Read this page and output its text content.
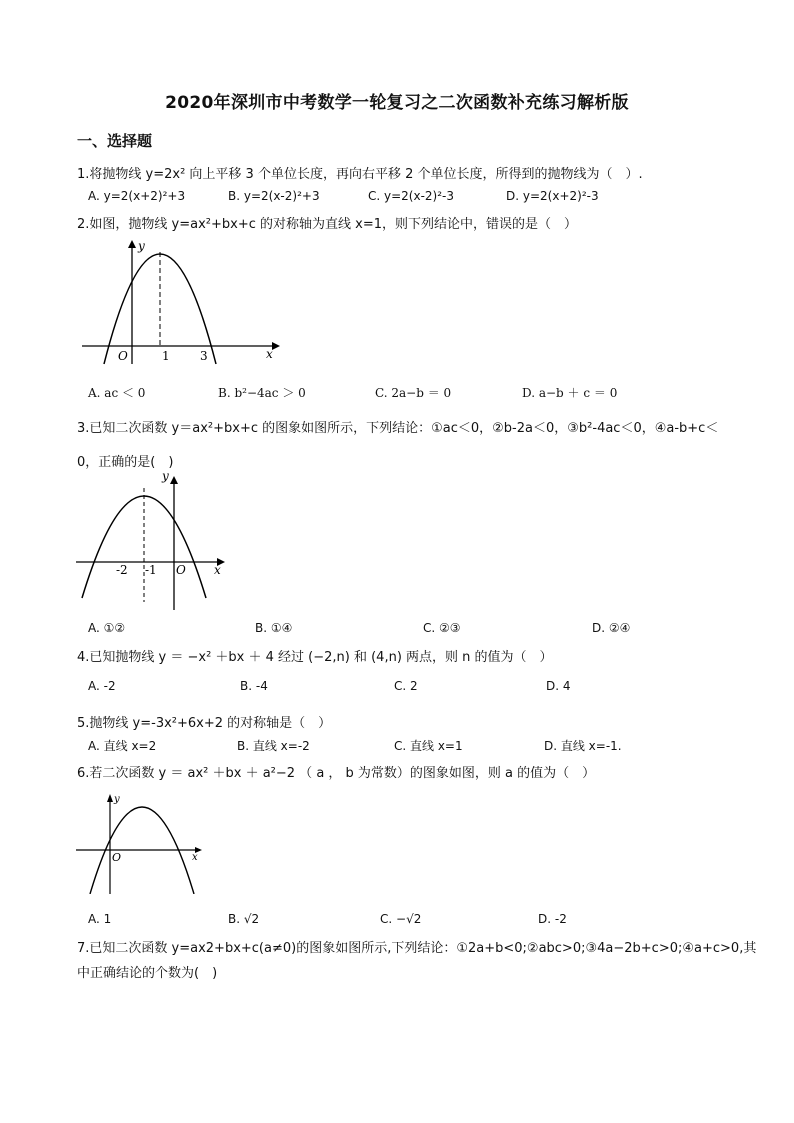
2020年深圳市中考数学一轮复习之二次函数补充练习解析版
一、选择题
1.将抛物线 y=2x² 向上平移 3 个单位长度，再向右平移 2 个单位长度，所得到的抛物线为（　）.
A. y=2(x+2)²+3	B. y=2(x-2)²+3	C. y=2(x-2)²-3	D. y=2(x+2)²-3
2.如图，抛物线 y=ax²+bx+c 的对称轴为直线 x=1，则下列结论中，错误的是（　）
y
x
O	1	3
A. ac ＜ 0	B. b²−4ac ＞ 0	C. 2a−b ＝ 0	D. a−b ＋ c ＝ 0
3.已知二次函数 y＝ax²+bx+c 的图象如图所示，下列结论：①ac＜0，②b-2a＜0，③b²-4ac＜0，④a-b+c＜
0，正确的是(　)
y
x
O
-2 -1
A. ①②	B. ①④	C. ②③	D. ②④
4.已知抛物线 y ＝ −x² ＋bx ＋ 4 经过 (−2,n) 和 (4,n) 两点，则 n 的值为（　）
A. -2	B. -4	C. 2	D. 4
5.抛物线 y=-3x²+6x+2 的对称轴是（　）
A. 直线 x=2	B. 直线 x=-2	C. 直线 x=1	D. 直线 x=-1.
6.若二次函数 y ＝ ax² ＋bx ＋ a²−2 （ a ， b 为常数）的图象如图，则 a 的值为（　）
y
x
O
A. 1	B. √2	C. −√2	D. -2
7.已知二次函数 y=ax2+bx+c(a≠0)的图象如图所示,下列结论：①2a+b<0;②abc>0;③4a−2b+c>0;④a+c>0,其
中正确结论的个数为(　)
